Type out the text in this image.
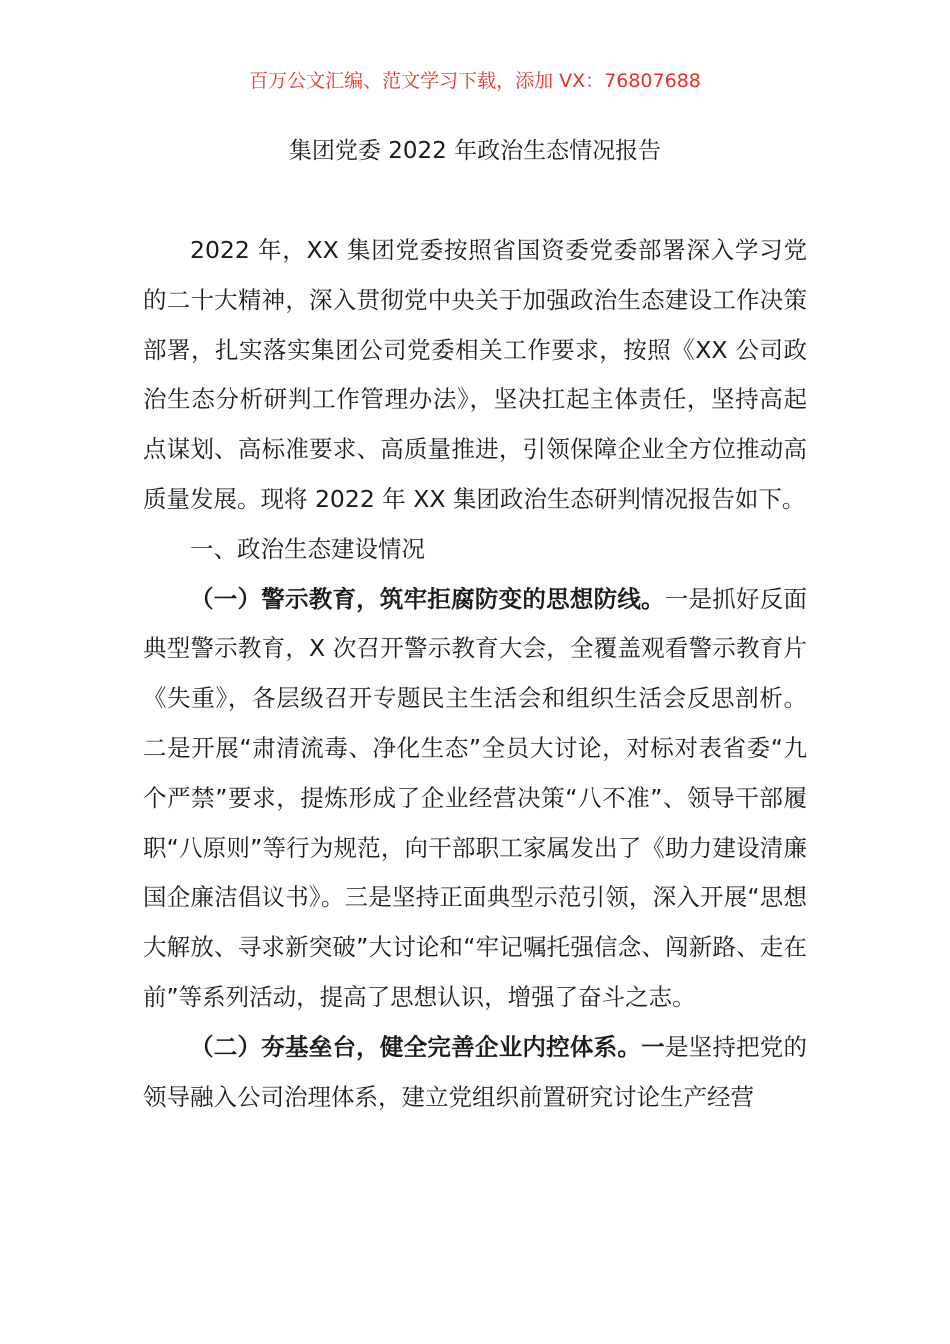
百万公文汇编、范文学习下载，添加 VX：76807688
集团党委 2022 年政治生态情况报告

2022 年，XX 集团党委按照省国资委党委部署深入学习党的二十大精神，深入贯彻党中央关于加强政治生态建设工作决策部署，扎实落实集团公司党委相关工作要求，按照《XX 公司政治生态分析研判工作管理办法》，坚决扛起主体责任，坚持高起点谋划、高标准要求、高质量推进，引领保障企业全方位推动高质量发展。现将 2022 年 XX 集团政治生态研判情况报告如下。

一、政治生态建设情况

（一）警示教育，筑牢拒腐防变的思想防线。一是抓好反面典型警示教育，X 次召开警示教育大会，全覆盖观看警示教育片《失重》，各层级召开专题民主生活会和组织生活会反思剖析。二是开展“肃清流毒、净化生态”全员大讨论，对标对表省委“九个严禁”要求，提炼形成了企业经营决策“八不准”、领导干部履职“八原则”等行为规范，向干部职工家属发出了《助力建设清廉国企廉洁倡议书》。三是坚持正面典型示范引领，深入开展“思想大解放、寻求新突破”大讨论和“牢记嘱托强信念、闯新路、走在前”等系列活动，提高了思想认识，增强了奋斗之志。

（二）夯基垒台，健全完善企业内控体系。一是坚持把党的领导融入公司治理体系，建立党组织前置研究讨论生产经营
